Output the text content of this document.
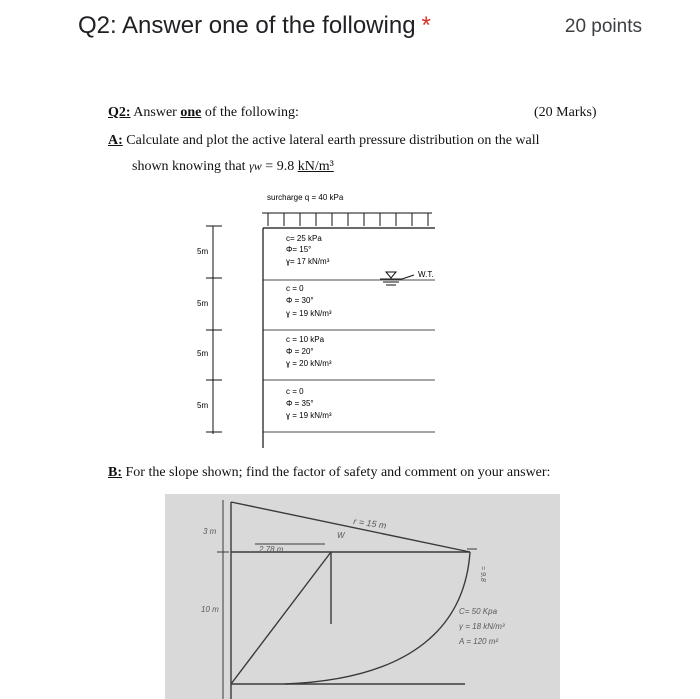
Q2: Answer one of the following *	20 points
Q2: Answer one of the following:	(20 Marks)
A: Calculate and plot the active lateral earth pressure distribution on the wall
shown knowing that γw = 9.8 kN/m³
surcharge q = 40 kPa
5m
5m
5m
5m
c= 25 kPa
Φ= 15°
ɣ= 17 kN/m³
c = 0
Φ = 30°
ɣ = 19 kN/m³
c = 10 kPa
Φ = 20°
ɣ = 20 kN/m³
c = 0
Φ = 35°
ɣ = 19 kN/m³
W.T.
B: For the slope shown; find the factor of safety and comment on your answer:
r = 15 m
3 m	W
2.78 m
10 m
= 9.8
C= 50 Kpa
γ = 18 kN/m³
A = 120 m²
